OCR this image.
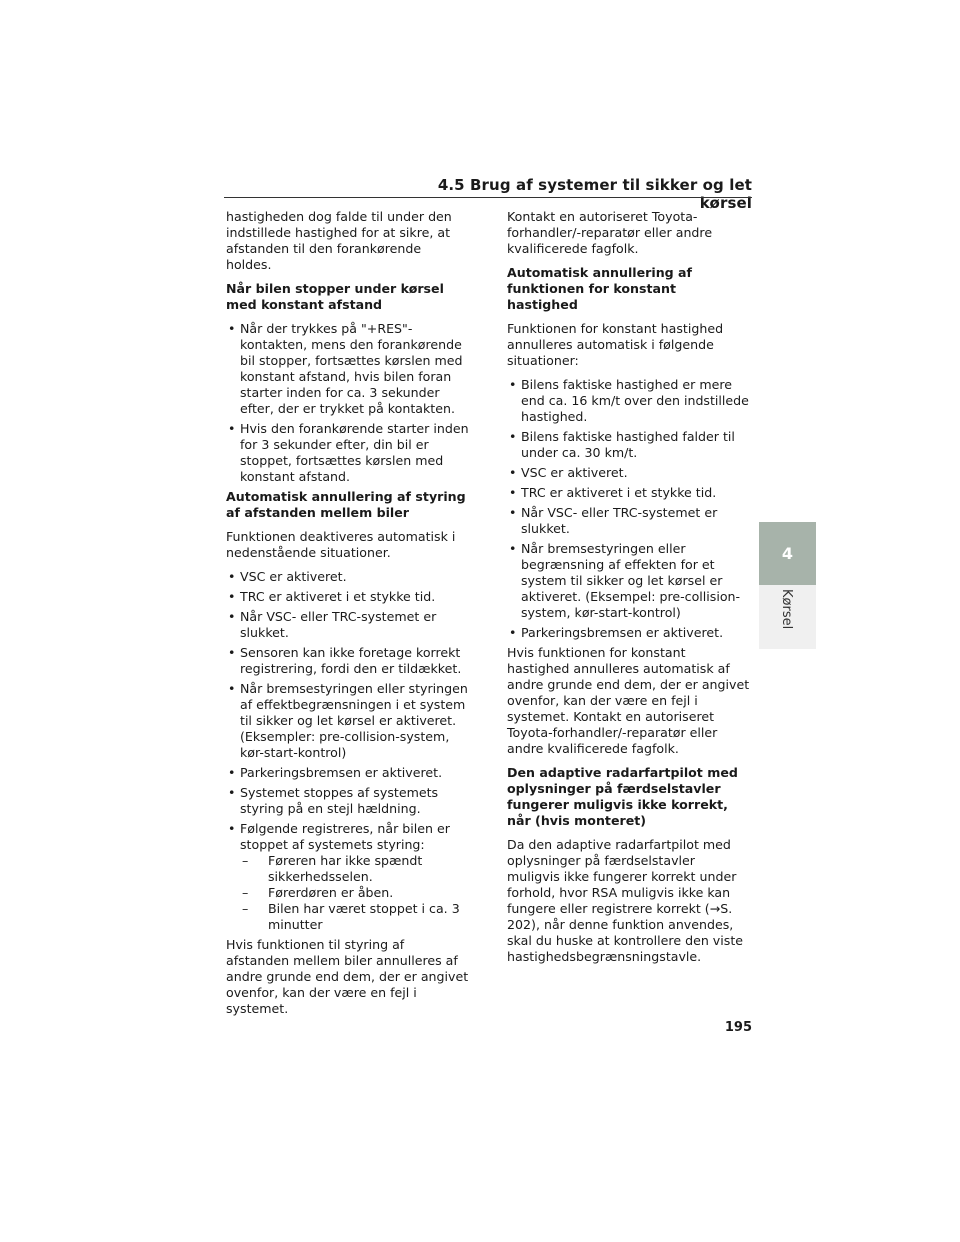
4.5 Brug af systemer til sikker og let kørsel

hastigheden dog falde til under den indstillede hastighed for at sikre, at afstanden til den forankørende holdes.

Når bilen stopper under kørsel med konstant afstand

• Når der trykkes på "+RES"-kontakten, mens den forankørende bil stopper, fortsættes kørslen med konstant afstand, hvis bilen foran starter inden for ca. 3 sekunder efter, der er trykket på kontakten.
• Hvis den forankørende starter inden for 3 sekunder efter, din bil er stoppet, fortsættes kørslen med konstant afstand.

Automatisk annullering af styring af afstanden mellem biler

Funktionen deaktiveres automatisk i nedenstående situationer.

• VSC er aktiveret.
• TRC er aktiveret i et stykke tid.
• Når VSC- eller TRC-systemet er slukket.
• Sensoren kan ikke foretage korrekt registrering, fordi den er tildækket.
• Når bremsestyringen eller styringen af effektbegrænsningen i et system til sikker og let kørsel er aktiveret. (Eksempler: pre-collision-system, kør-start-kontrol)
• Parkeringsbremsen er aktiveret.
• Systemet stoppes af systemets styring på en stejl hældning.
• Følgende registreres, når bilen er stoppet af systemets styring:
– Føreren har ikke spændt sikkerhedsselen.
– Førerdøren er åben.
– Bilen har været stoppet i ca. 3 minutter

Hvis funktionen til styring af afstanden mellem biler annulleres af andre grunde end dem, der er angivet ovenfor, kan der være en fejl i systemet.

Kontakt en autoriseret Toyota-forhandler/-reparatør eller andre kvalificerede fagfolk.

Automatisk annullering af funktionen for konstant hastighed

Funktionen for konstant hastighed annulleres automatisk i følgende situationer:

• Bilens faktiske hastighed er mere end ca. 16 km/t over den indstillede hastighed.
• Bilens faktiske hastighed falder til under ca. 30 km/t.
• VSC er aktiveret.
• TRC er aktiveret i et stykke tid.
• Når VSC- eller TRC-systemet er slukket.
• Når bremsestyringen eller begrænsning af effekten for et system til sikker og let kørsel er aktiveret. (Eksempel: pre-collision-system, kør-start-kontrol)
• Parkeringsbremsen er aktiveret.

Hvis funktionen for konstant hastighed annulleres automatisk af andre grunde end dem, der er angivet ovenfor, kan der være en fejl i systemet. Kontakt en autoriseret Toyota-forhandler/-reparatør eller andre kvalificerede fagfolk.

Den adaptive radarfartpilot med oplysninger på færdselstavler fungerer muligvis ikke korrekt, når (hvis monteret)

Da den adaptive radarfartpilot med oplysninger på færdselstavler muligvis ikke fungerer korrekt under forhold, hvor RSA muligvis ikke kan fungere eller registrere korrekt (→S. 202), når denne funktion anvendes, skal du huske at kontrollere den viste hastighedsbegrænsningstavle.

4
Kørsel
195
